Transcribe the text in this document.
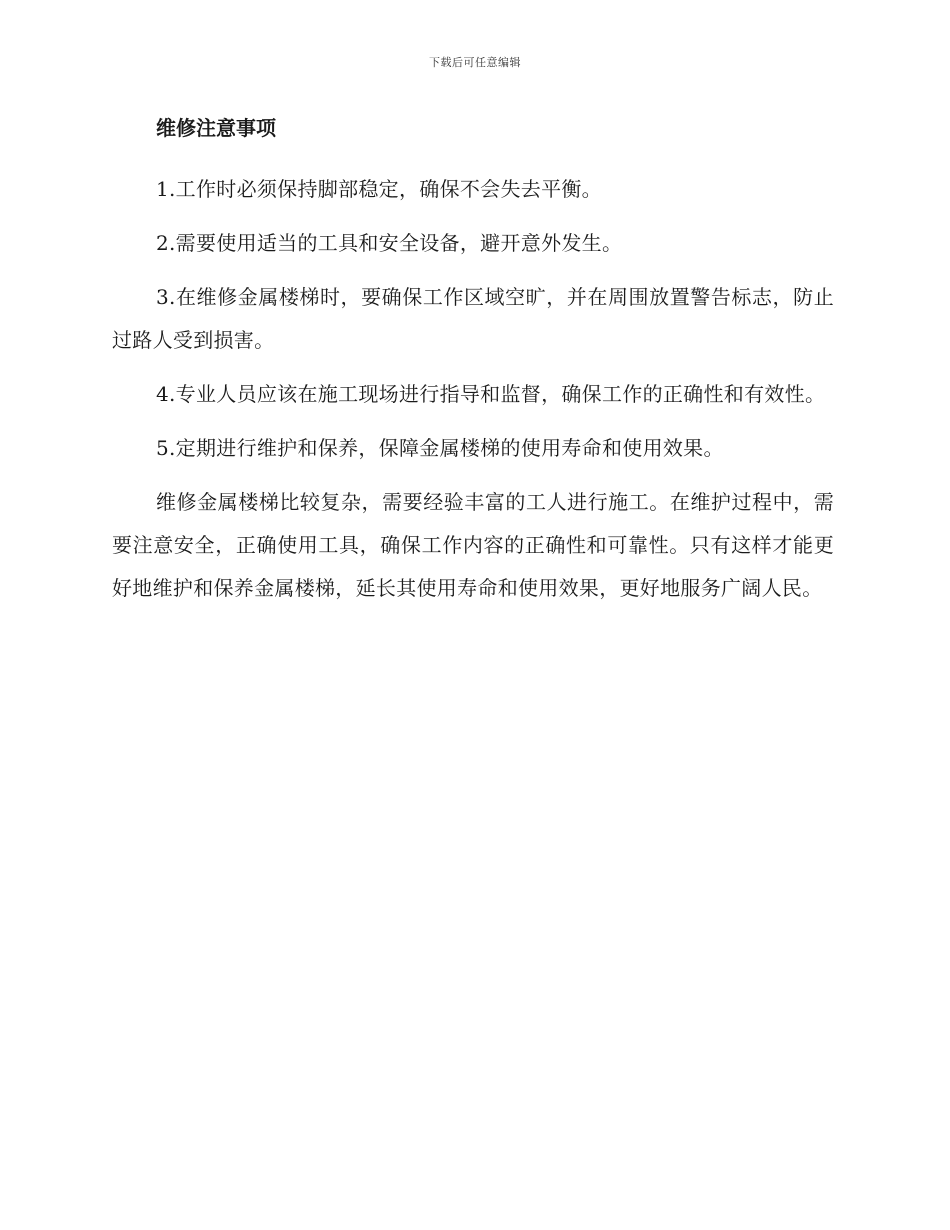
下载后可任意编辑
维修注意事项

1.工作时必须保持脚部稳定，确保不会失去平衡。

2.需要使用适当的工具和安全设备，避开意外发生。

3.在维修金属楼梯时，要确保工作区域空旷，并在周围放置警告标志，防止过路人受到损害。

4.专业人员应该在施工现场进行指导和监督，确保工作的正确性和有效性。

5.定期进行维护和保养，保障金属楼梯的使用寿命和使用效果。

维修金属楼梯比较复杂，需要经验丰富的工人进行施工。在维护过程中，需要注意安全，正确使用工具，确保工作内容的正确性和可靠性。只有这样才能更好地维护和保养金属楼梯，延长其使用寿命和使用效果，更好地服务广阔人民。
